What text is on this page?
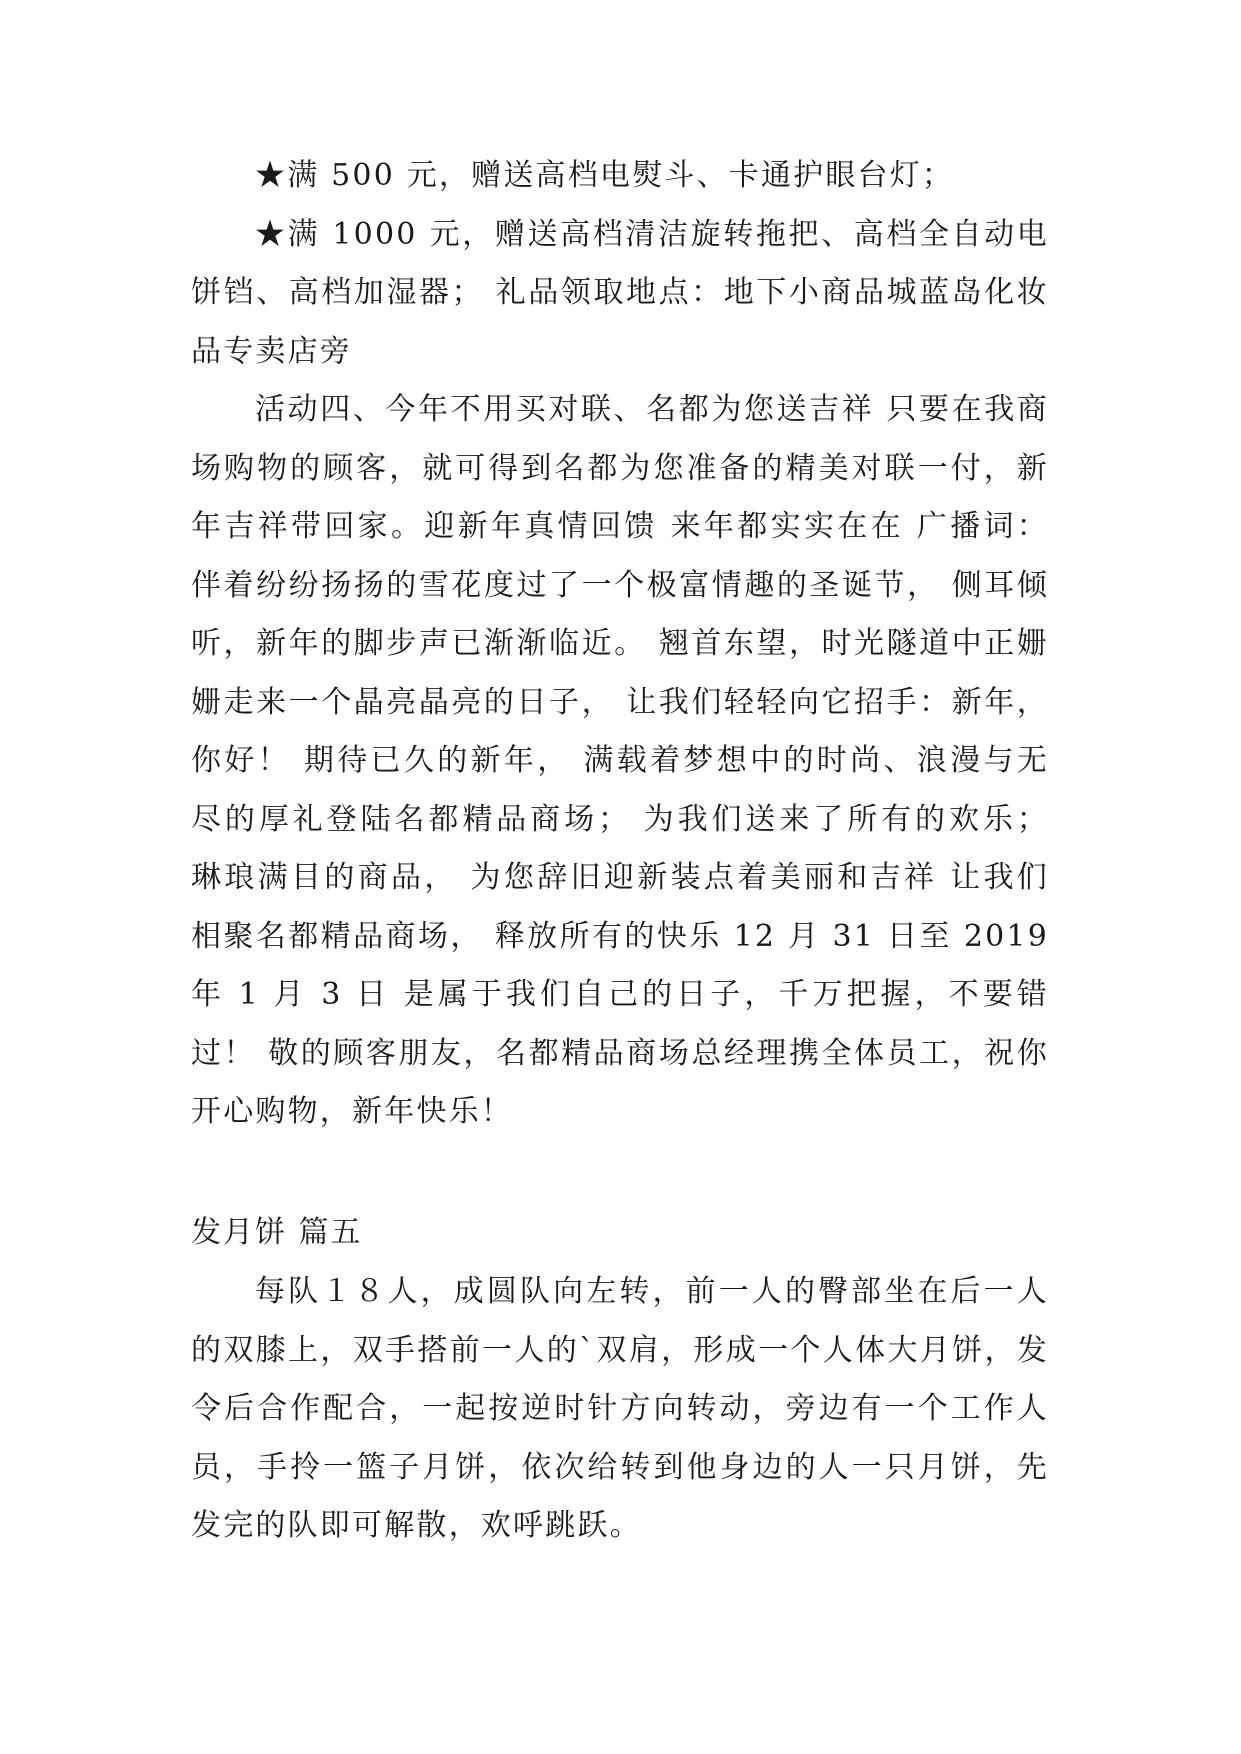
★满 500 元，赠送高档电熨斗、卡通护眼台灯；

★满 1000 元，赠送高档清洁旋转拖把、高档全自动电饼铛、高档加湿器； 礼品领取地点：地下小商品城蓝岛化妆品专卖店旁

活动四、今年不用买对联、名都为您送吉祥 只要在我商场购物的顾客，就可得到名都为您准备的精美对联一付，新年吉祥带回家。迎新年真情回馈 来年都实实在在 广播词：伴着纷纷扬扬的雪花度过了一个极富情趣的圣诞节， 侧耳倾听，新年的脚步声已渐渐临近。 翘首东望，时光隧道中正姗姗走来一个晶亮晶亮的日子， 让我们轻轻向它招手：新年，你好！ 期待已久的新年， 满载着梦想中的时尚、浪漫与无尽的厚礼登陆名都精品商场； 为我们送来了所有的欢乐； 琳琅满目的商品， 为您辞旧迎新装点着美丽和吉祥 让我们相聚名都精品商场， 释放所有的快乐 12 月 31 日至 2019 年 1 月 3 日 是属于我们自己的日子，千万把握，不要错过！ 敬的顾客朋友，名都精品商场总经理携全体员工，祝你开心购物，新年快乐！

发月饼 篇五

每队１８人，成圆队向左转，前一人的臀部坐在后一人的双膝上，双手搭前一人的`双肩，形成一个人体大月饼，发令后合作配合，一起按逆时针方向转动，旁边有一个工作人员，手拎一篮子月饼，依次给转到他身边的人一只月饼，先发完的队即可解散，欢呼跳跃。
